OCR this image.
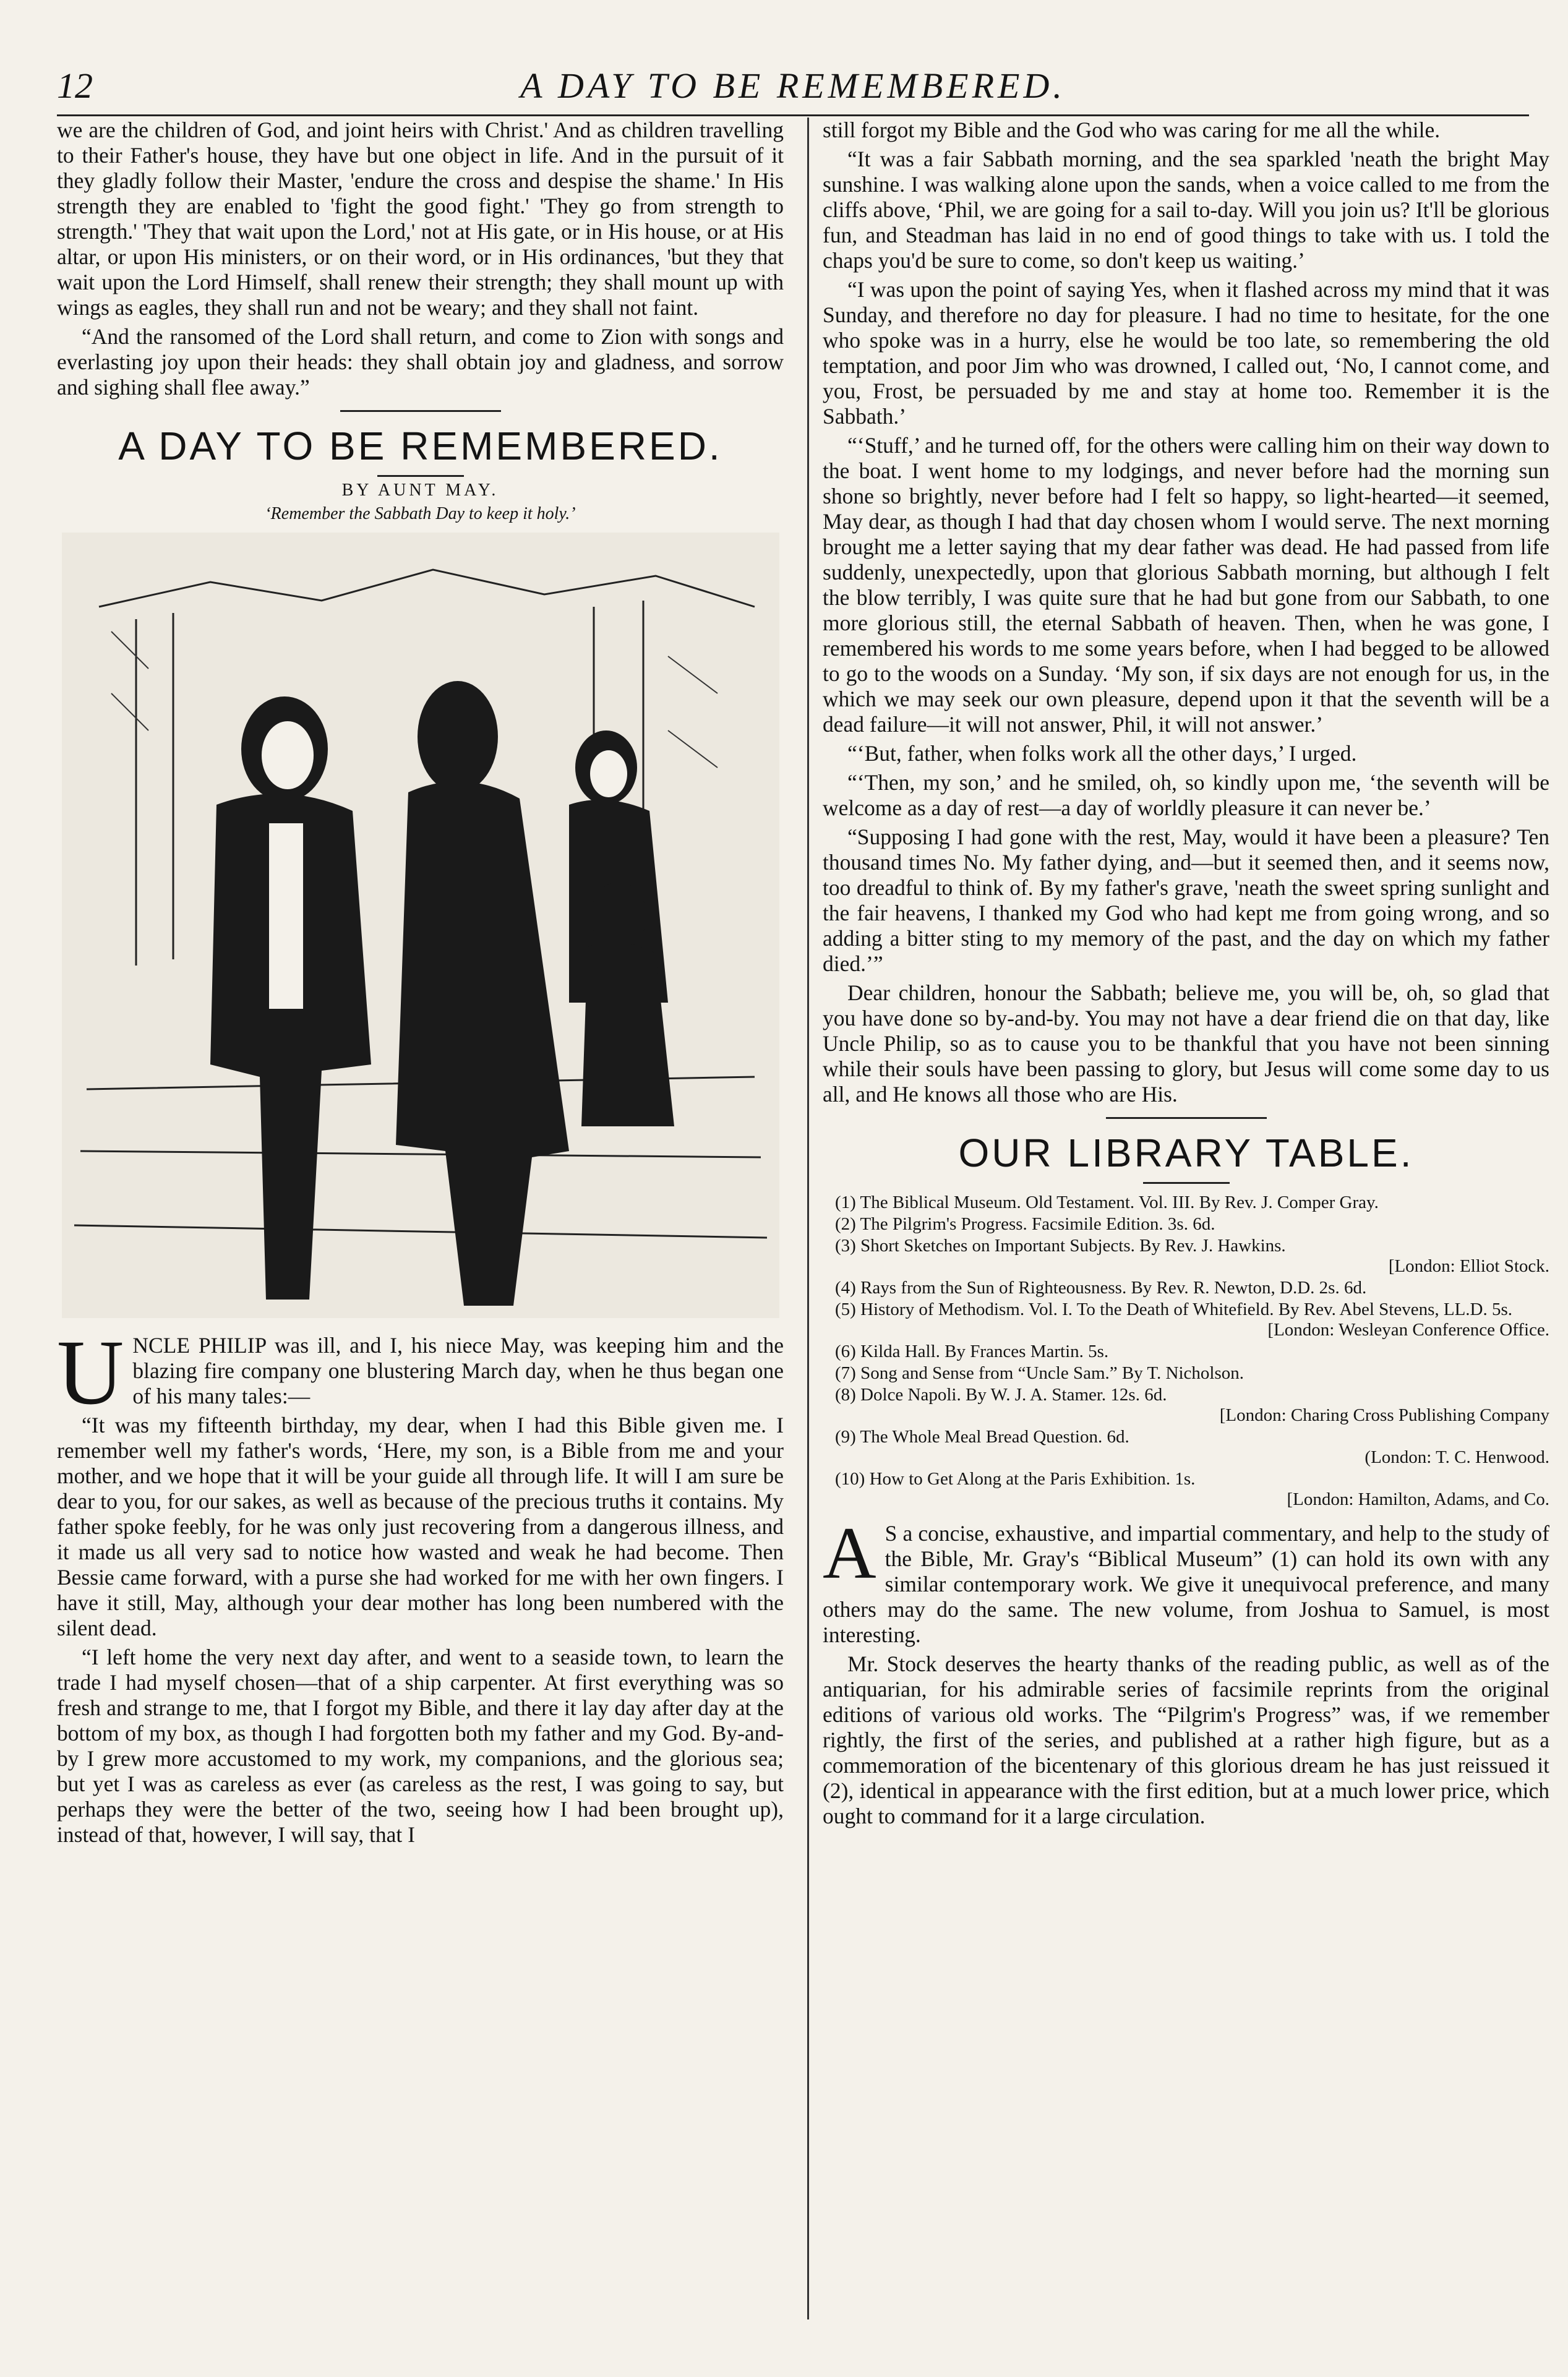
12	A DAY TO BE REMEMBERED.

we are the children of God, and joint heirs with Christ.' And as children travelling to their Father's house, they have but one object in life. And in the pursuit of it they gladly follow their Master, 'endure the cross and despise the shame.' In His strength they are enabled to 'fight the good fight.' 'They go from strength to strength.' 'They that wait upon the Lord,' not at His gate, or in His house, or at His altar, or upon His ministers, or on their word, or in His ordinances, 'but they that wait upon the Lord Himself, shall renew their strength; they shall mount up with wings as eagles, they shall run and not be weary; and they shall not faint.

“And the ransomed of the Lord shall return, and come to Zion with songs and everlasting joy upon their heads: they shall obtain joy and gladness, and sorrow and sighing shall flee away.”

A DAY TO BE REMEMBERED.
BY AUNT MAY.
‘Remember the Sabbath Day to keep it holy.’

UNCLE PHILIP was ill, and I, his niece May, was keeping him and the blazing fire company one blustering March day, when he thus began one of his many tales:—

“It was my fifteenth birthday, my dear, when I had this Bible given me. I remember well my father's words, ‘Here, my son, is a Bible from me and your mother, and we hope that it will be your guide all through life. It will I am sure be dear to you, for our sakes, as well as because of the precious truths it contains. My father spoke feebly, for he was only just recovering from a dangerous illness, and it made us all very sad to notice how wasted and weak he had become. Then Bessie came forward, with a purse she had worked for me with her own fingers. I have it still, May, although your dear mother has long been numbered with the silent dead.

“I left home the very next day after, and went to a seaside town, to learn the trade I had myself chosen—that of a ship carpenter. At first everything was so fresh and strange to me, that I forgot my Bible, and there it lay day after day at the bottom of my box, as though I had forgotten both my father and my God. By-and-by I grew more accustomed to my work, my companions, and the glorious sea; but yet I was as careless as ever (as careless as the rest, I was going to say, but perhaps they were the better of the two, seeing how I had been brought up), instead of that, however, I will say, that I

still forgot my Bible and the God who was caring for me all the while.

“It was a fair Sabbath morning, and the sea sparkled 'neath the bright May sunshine. I was walking alone upon the sands, when a voice called to me from the cliffs above, ‘Phil, we are going for a sail to-day. Will you join us? It'll be glorious fun, and Steadman has laid in no end of good things to take with us. I told the chaps you'd be sure to come, so don't keep us waiting.’

“I was upon the point of saying Yes, when it flashed across my mind that it was Sunday, and therefore no day for pleasure. I had no time to hesitate, for the one who spoke was in a hurry, else he would be too late, so remembering the old temptation, and poor Jim who was drowned, I called out, ‘No, I cannot come, and you, Frost, be persuaded by me and stay at home too. Remember it is the Sabbath.’

“‘Stuff,’ and he turned off, for the others were calling him on their way down to the boat. I went home to my lodgings, and never before had the morning sun shone so brightly, never before had I felt so happy, so light-hearted—it seemed, May dear, as though I had that day chosen whom I would serve. The next morning brought me a letter saying that my dear father was dead. He had passed from life suddenly, unexpectedly, upon that glorious Sabbath morning, but although I felt the blow terribly, I was quite sure that he had but gone from our Sabbath, to one more glorious still, the eternal Sabbath of heaven. Then, when he was gone, I remembered his words to me some years before, when I had begged to be allowed to go to the woods on a Sunday. ‘My son, if six days are not enough for us, in the which we may seek our own pleasure, depend upon it that the seventh will be a dead failure—it will not answer, Phil, it will not answer.’

“‘But, father, when folks work all the other days,’ I urged.

“‘Then, my son,’ and he smiled, oh, so kindly upon me, ‘the seventh will be welcome as a day of rest—a day of worldly pleasure it can never be.’

“Supposing I had gone with the rest, May, would it have been a pleasure? Ten thousand times No. My father dying, and—but it seemed then, and it seems now, too dreadful to think of. By my father's grave, 'neath the sweet spring sunlight and the fair heavens, I thanked my God who had kept me from going wrong, and so adding a bitter sting to my memory of the past, and the day on which my father died.’”

Dear children, honour the Sabbath; believe me, you will be, oh, so glad that you have done so by-and-by. You may not have a dear friend die on that day, like Uncle Philip, so as to cause you to be thankful that you have not been sinning while their souls have been passing to glory, but Jesus will come some day to us all, and He knows all those who are His.

OUR LIBRARY TABLE.
(1) The Biblical Museum. Old Testament. Vol. III. By Rev. J. Comper Gray.
(2) The Pilgrim's Progress. Facsimile Edition. 3s. 6d.
(3) Short Sketches on Important Subjects. By Rev. J. Hawkins.
[London: Elliot Stock.
(4) Rays from the Sun of Righteousness. By Rev. R. Newton, D.D. 2s. 6d.
(5) History of Methodism. Vol. I. To the Death of Whitefield. By Rev. Abel Stevens, LL.D. 5s.
[London: Wesleyan Conference Office.
(6) Kilda Hall. By Frances Martin. 5s.
(7) Song and Sense from “Uncle Sam.” By T. Nicholson.
(8) Dolce Napoli. By W. J. A. Stamer. 12s. 6d.
[London: Charing Cross Publishing Company
(9) The Whole Meal Bread Question. 6d.
(London: T. C. Henwood.
(10) How to Get Along at the Paris Exhibition. 1s.
[London: Hamilton, Adams, and Co.

A S a concise, exhaustive, and impartial commentary, and help to the study of the Bible, Mr. Gray's “Biblical Museum” (1) can hold its own with any similar contemporary work. We give it unequivocal preference, and many others may do the same. The new volume, from Joshua to Samuel, is most interesting.

Mr. Stock deserves the hearty thanks of the reading public, as well as of the antiquarian, for his admirable series of facsimile reprints from the original editions of various old works. The “Pilgrim's Progress” was, if we remember rightly, the first of the series, and published at a rather high figure, but as a commemoration of the bicentenary of this glorious dream he has just reissued it (2), identical in appearance with the first edition, but at a much lower price, which ought to command for it a large circulation.
